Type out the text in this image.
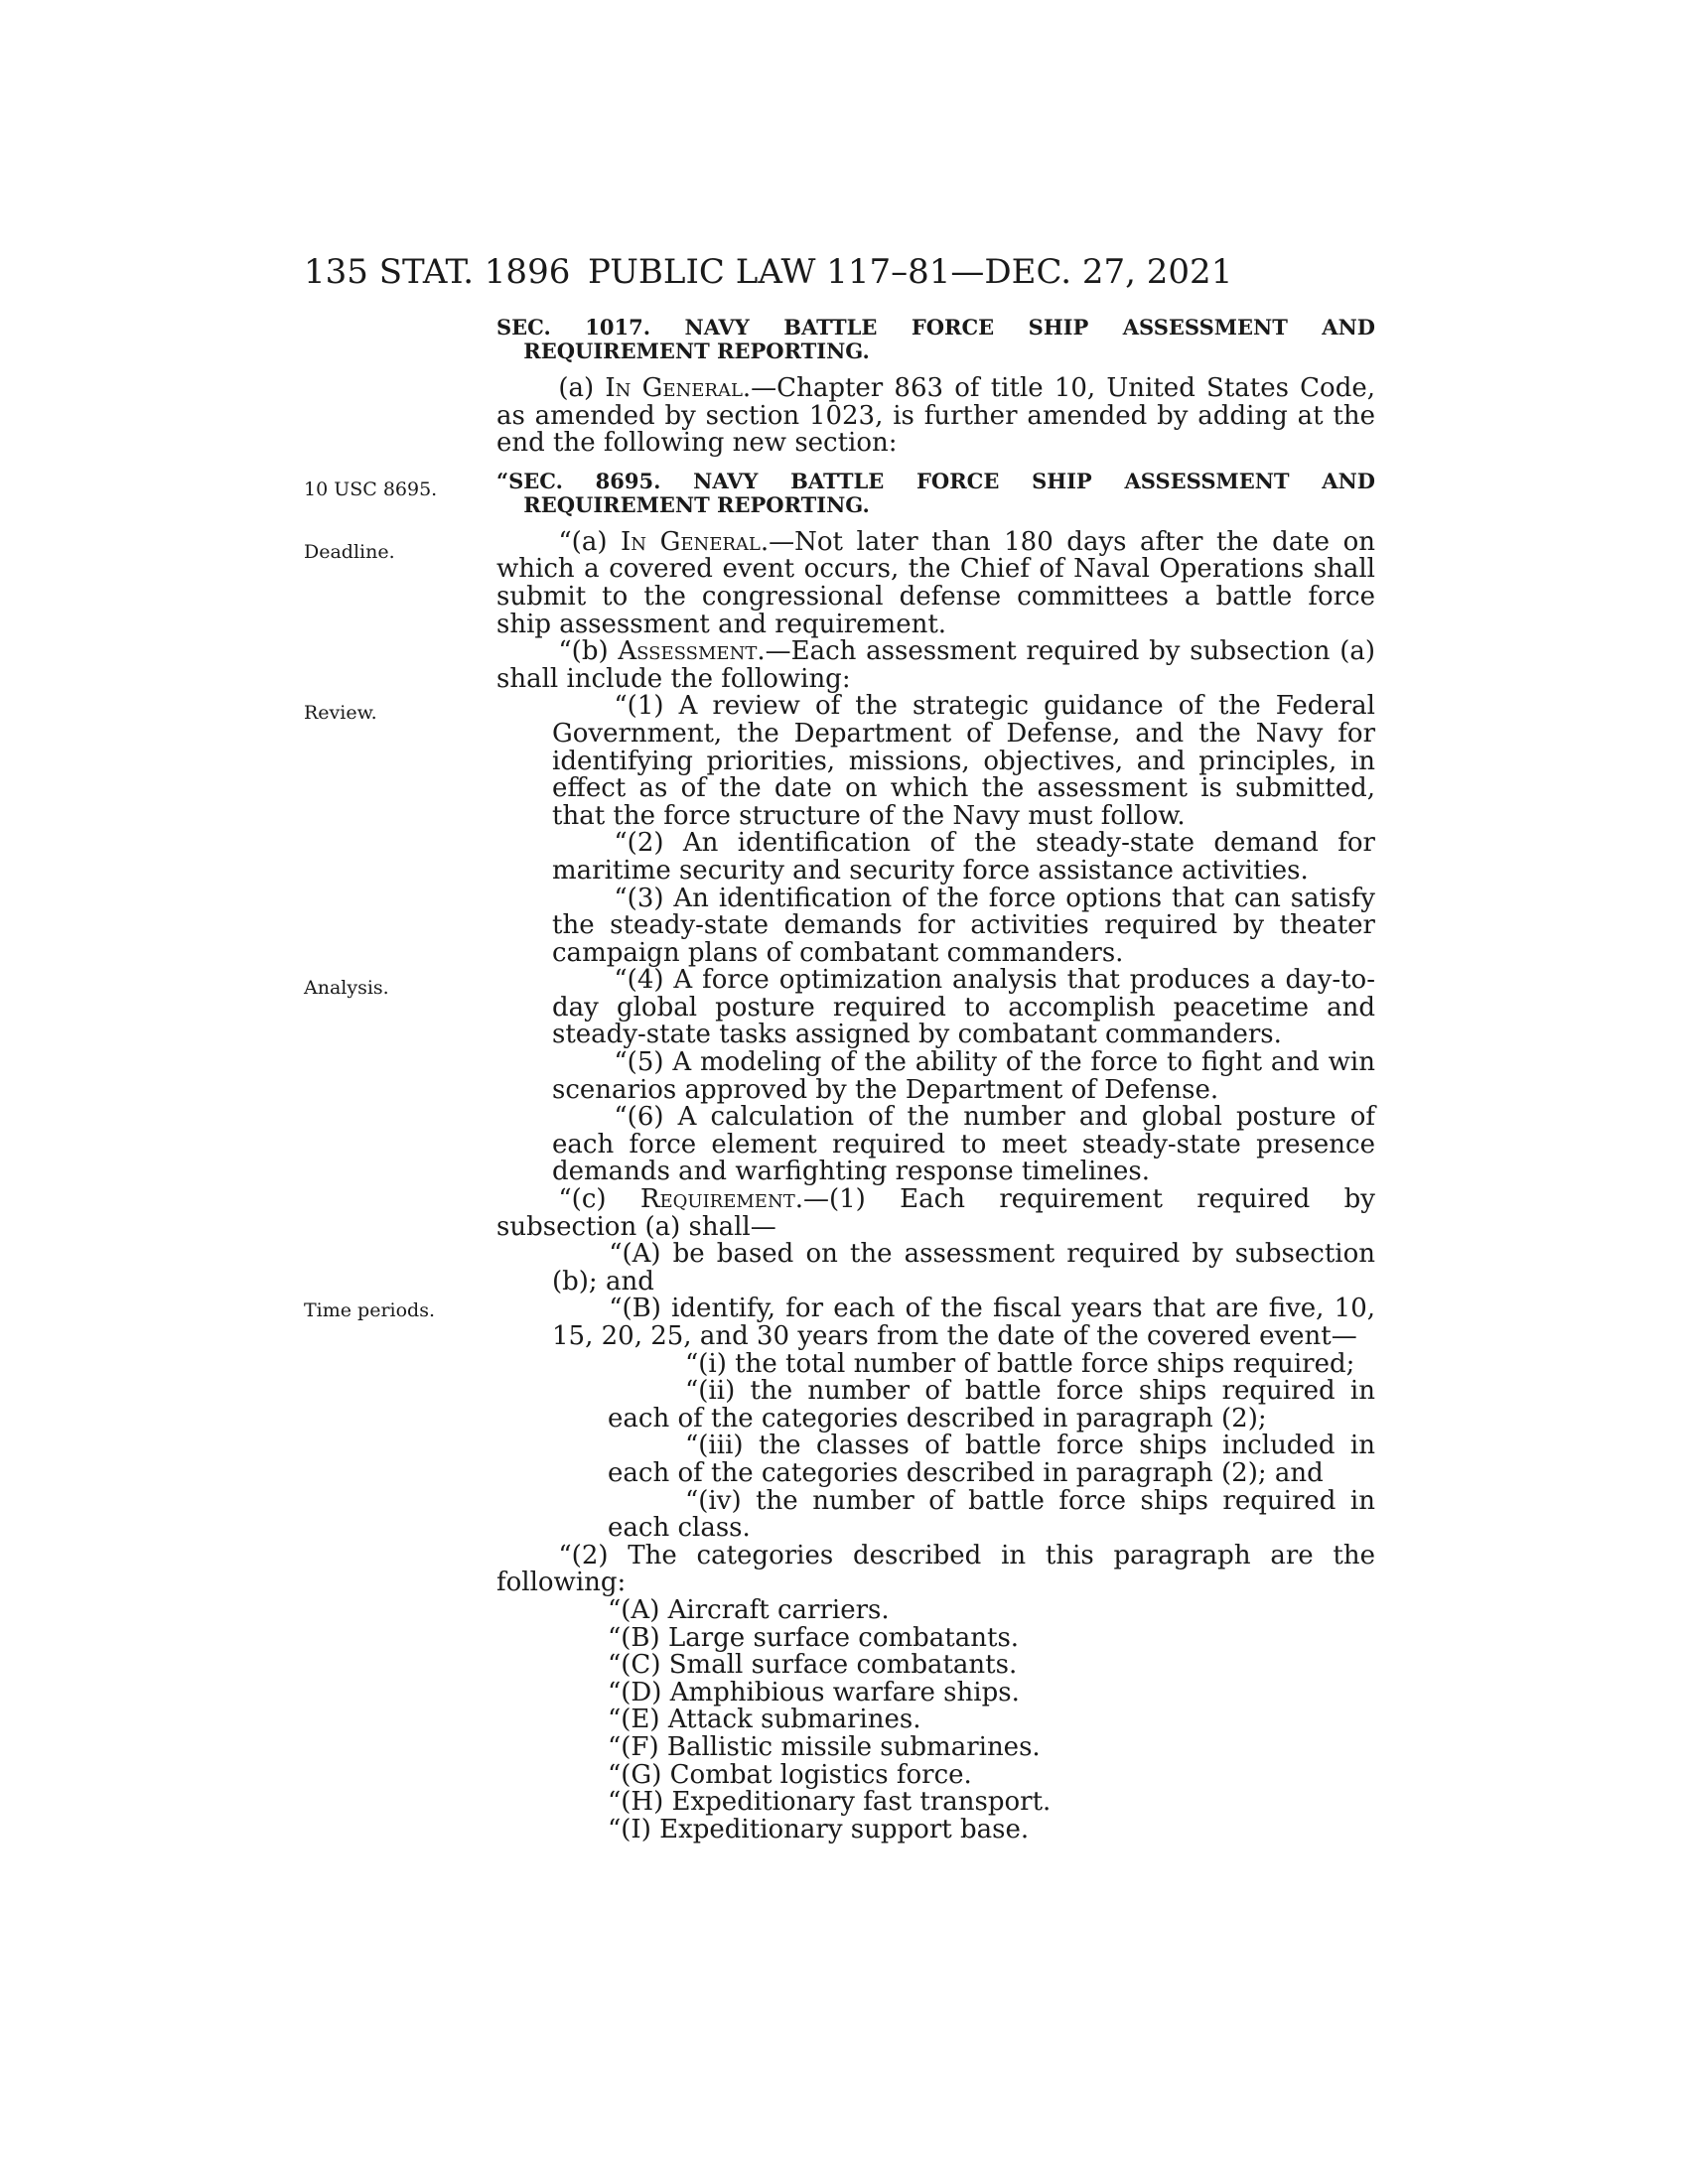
135 STAT. 1896 PUBLIC LAW 117–81—DEC. 27, 2021
10 USC 8695.
Deadline.
Review.
Analysis.
Time periods.

SEC. 1017. NAVY BATTLE FORCE SHIP ASSESSMENT AND REQUIREMENT REPORTING.

(a) In General.—Chapter 863 of title 10, United States Code, as amended by section 1023, is further amended by adding at the end the following new section:

“SEC. 8695. NAVY BATTLE FORCE SHIP ASSESSMENT AND REQUIREMENT REPORTING.

“(a) In General.—Not later than 180 days after the date on which a covered event occurs, the Chief of Naval Operations shall submit to the congressional defense committees a battle force ship assessment and requirement.

“(b) Assessment.—Each assessment required by subsection (a) shall include the following:

“(1) A review of the strategic guidance of the Federal Government, the Department of Defense, and the Navy for identifying priorities, missions, objectives, and principles, in effect as of the date on which the assessment is submitted, that the force structure of the Navy must follow.

“(2) An identification of the steady-state demand for maritime security and security force assistance activities.

“(3) An identification of the force options that can satisfy the steady-state demands for activities required by theater campaign plans of combatant commanders.

“(4) A force optimization analysis that produces a day-to-day global posture required to accomplish peacetime and steady-state tasks assigned by combatant commanders.

“(5) A modeling of the ability of the force to fight and win scenarios approved by the Department of Defense.

“(6) A calculation of the number and global posture of each force element required to meet steady-state presence demands and warfighting response timelines.

“(c) Requirement.—(1) Each requirement required by subsection (a) shall—

“(A) be based on the assessment required by subsection (b); and

“(B) identify, for each of the fiscal years that are five, 10, 15, 20, 25, and 30 years from the date of the covered event—

“(i) the total number of battle force ships required;

“(ii) the number of battle force ships required in each of the categories described in paragraph (2);

“(iii) the classes of battle force ships included in each of the categories described in paragraph (2); and

“(iv) the number of battle force ships required in each class.

“(2) The categories described in this paragraph are the following:

“(A) Aircraft carriers.

“(B) Large surface combatants.

“(C) Small surface combatants.

“(D) Amphibious warfare ships.

“(E) Attack submarines.

“(F) Ballistic missile submarines.

“(G) Combat logistics force.

“(H) Expeditionary fast transport.

“(I) Expeditionary support base.
